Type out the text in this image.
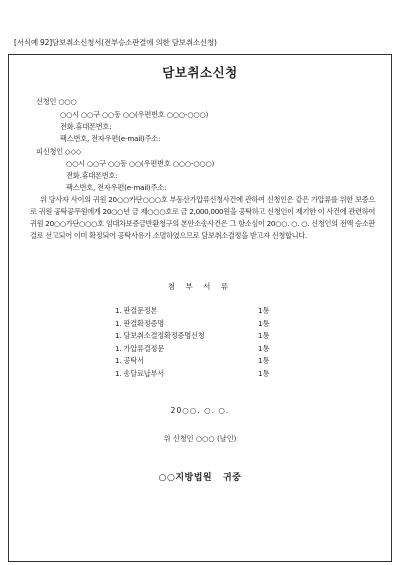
[서식예 92]담보취소신청서(전부승소판결에 의한 담보취소신청)
담보취소신청
신청인 ○○○
○○시 ○○구 ○○동 ○○(우편번호 ○○○-○○○)
전화.휴대폰번호:
팩스번호, 전자우편(e-mail)주소:
피신청인 ◇◇◇
○○시 ○○구 ○○동 ○○(우편번호 ○○○-○○○)
전화.휴대폰번호:
팩스번호, 전자우편(e-mail)주소:
위 당사자 사이의 귀원 20○○카단○○○호 부동산가압류신청사건에 관하여 신청인은 같은 가압류를 위한 보증으로 귀원 공탁공무원에게 20○○년 금 제○○○호로 금 2,000,000원을 공탁하고 신청인이 제기한 이 사건에 관련하여 귀원 20○○가단○○○호 임대차보증금반환청구의 본안소송사건은 그 항소심이 20○○. ○. ○. 신청인의 전액 승소판결로 선고되어 이미 확정되어 공탁사유가 소멸하였으므로 담보취소결정을 받고자 신청합니다.
첨 부 서 류
1. 판결문정본	1통
1. 판결확정증명	1통
1. 담보취소결정확정증명신청	1통
1. 가압류결정문	1통
1. 공탁서	1통
1. 송달료납부서	1통
20○○. ○. ○.
위 신청인 ○○○ (날인)
○○지방법원   귀중
